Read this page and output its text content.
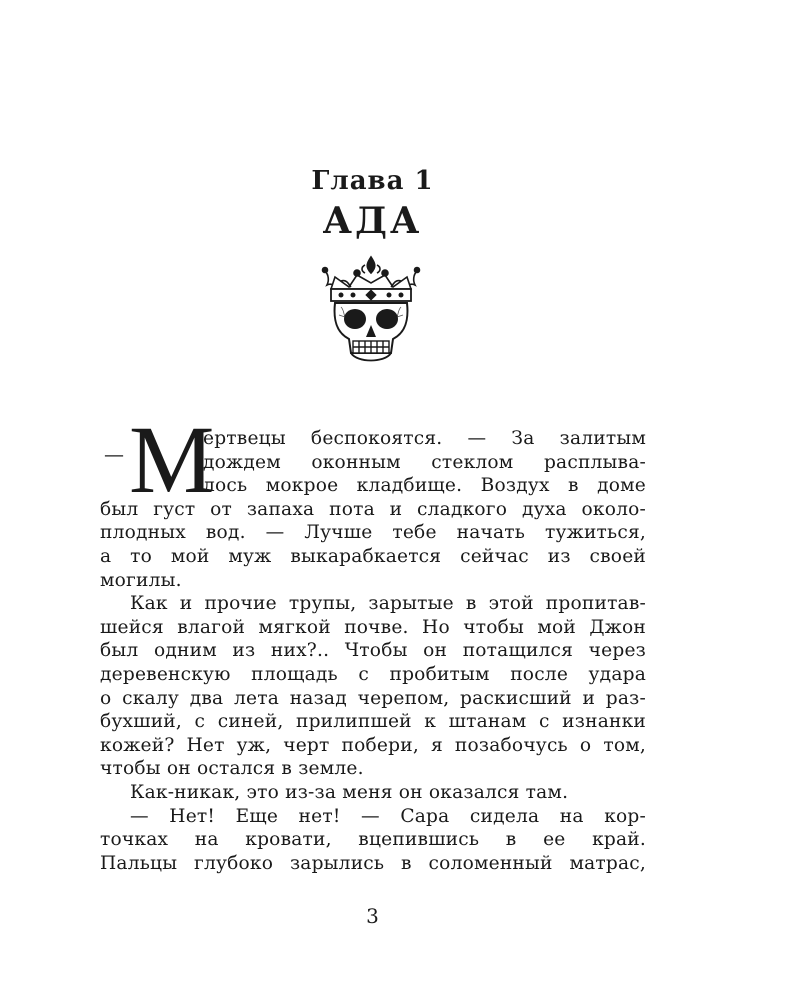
Глава 1
АДА
— М
ертвецы беспокоятся. — За залитым
дождем оконным стеклом расплыва-
лось мокрое кладбище. Воздух в доме
был густ от запаха пота и сладкого духа около-
плодных вод. — Лучше тебе начать тужиться,
а то мой муж выкарабкается сейчас из своей
могилы.
Как и прочие трупы, зарытые в этой пропитав-
шейся влагой мягкой почве. Но чтобы мой Джон
был одним из них?.. Чтобы он потащился через
деревенскую площадь с пробитым после удара
о скалу два лета назад черепом, раскисший и раз-
бухший, с синей, прилипшей к штанам с изнанки
кожей? Нет уж, черт побери, я позабочусь о том,
чтобы он остался в земле.
Как-никак, это из-за меня он оказался там.
— Нет! Еще нет! — Сара сидела на кор-
точках на кровати, вцепившись в ее край.
Пальцы глубоко зарылись в соломенный матрас,
3
